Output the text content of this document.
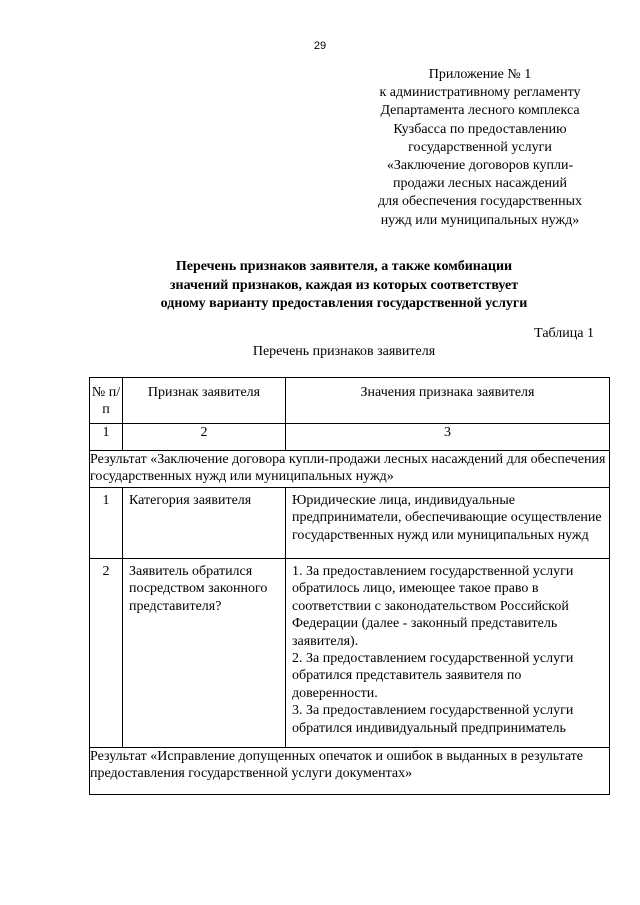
29
Приложение № 1
к административному регламенту
Департамента лесного комплекса
Кузбасса по предоставлению
государственной услуги
«Заключение договоров купли-
продажи лесных насаждений
для обеспечения государственных
нужд или муниципальных нужд»
Перечень признаков заявителя, а также комбинации
значений признаков, каждая из которых соответствует
одному варианту предоставления государственной услуги
Таблица 1
Перечень признаков заявителя
№ п/п	Признак заявителя	Значения признака заявителя
1	2	3
Результат «Заключение договора купли-продажи лесных насаждений для обеспечения государственных нужд или муниципальных нужд»		
1	Категория заявителя	Юридические лица, индивидуальные предприниматели, обеспечивающие осуществление государственных нужд или муниципальных нужд

2	Заявитель обратился посредством законного представителя?	1. За предоставлением государственной услуги обратилось лицо, имеющее такое право в соответствии с законодательством Российской Федерации (далее - законный представитель заявителя).
2. За предоставлением государственной услуги обратился представитель заявителя по доверенности.
3. За предоставлением государственной услуги обратился индивидуальный предприниматель

Результат «Исправление допущенных опечаток и ошибок в выданных в результате предоставления государственной услуги документах»		
